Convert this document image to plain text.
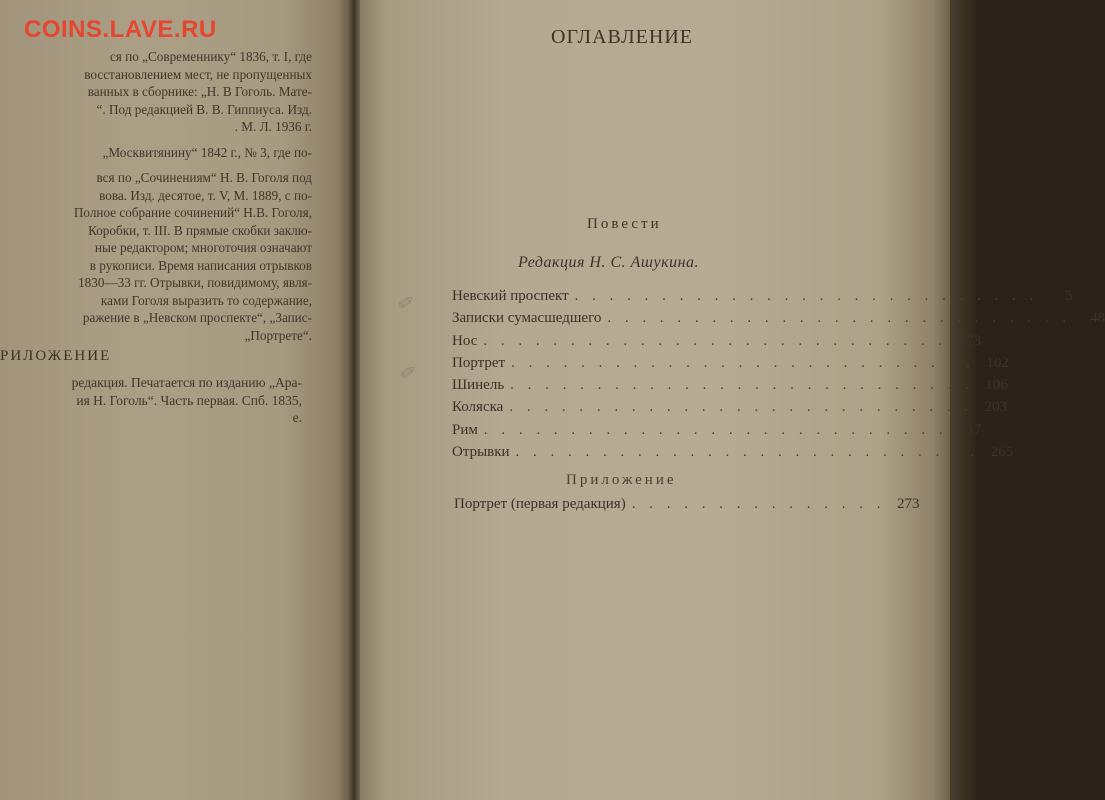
COINS.LAVE.RU
ся по „Современнику“ 1836, т. I, где
восстановлением мест, не пропущенных
ванных в сборнике: „Н. В Гоголь. Мате-
“. Под редакцией В. В. Гиппиуса. Изд.
. М. Л. 1936 г.
„Москвитянину“ 1842 г., № 3, где по-
вся по „Сочинениям“ Н. В. Гоголя под
вова. Изд. десятое, т. V, М. 1889, с по-
Полное собрание сочинений“ Н.В. Гоголя,
Коробки, т. III. В прямые скобки заклю-
ные редактором; многоточия означают
в рукописи. Время написания отрывков
1830—33 гг. Отрывки, повидимому, явля-
ками Гоголя выразить то содержание,
ражение в „Невском проспекте“, „Запис-
„Портрете“.
РИЛОЖЕНИЕ
редакция. Печатается по изданию „Ара-
ия Н. Гоголь“. Часть первая. Спб. 1835,
е.
ОГЛАВЛЕНИЕ
Повести
Редакция Н. С. Ашукина.
✎
✎
Невский проспект . . . . . . . . . . . . . . . . . . . . . . . . . . .	5
Записки сумасшедшего . . . . . . . . . . . . . . . . . . . . . . . . . . .	48
Нос . . . . . . . . . . . . . . . . . . . . . . . . . . .	73
Портрет . . . . . . . . . . . . . . . . . . . . . . . . . . . 102
Шинель . . . . . . . . . . . . . . . . . . . . . . . . . . . 106
Коляска . . . . . . . . . . . . . . . . . . . . . . . . . . . 203
Рим . . . . . . . . . . . . . . . . . . . . . . . . . . . 217
Отрывки . . . . . . . . . . . . . . . . . . . . . . . . . . . 265
Приложение
Портрет (первая редакция) . . . . . . . . . . . . . . . 273
